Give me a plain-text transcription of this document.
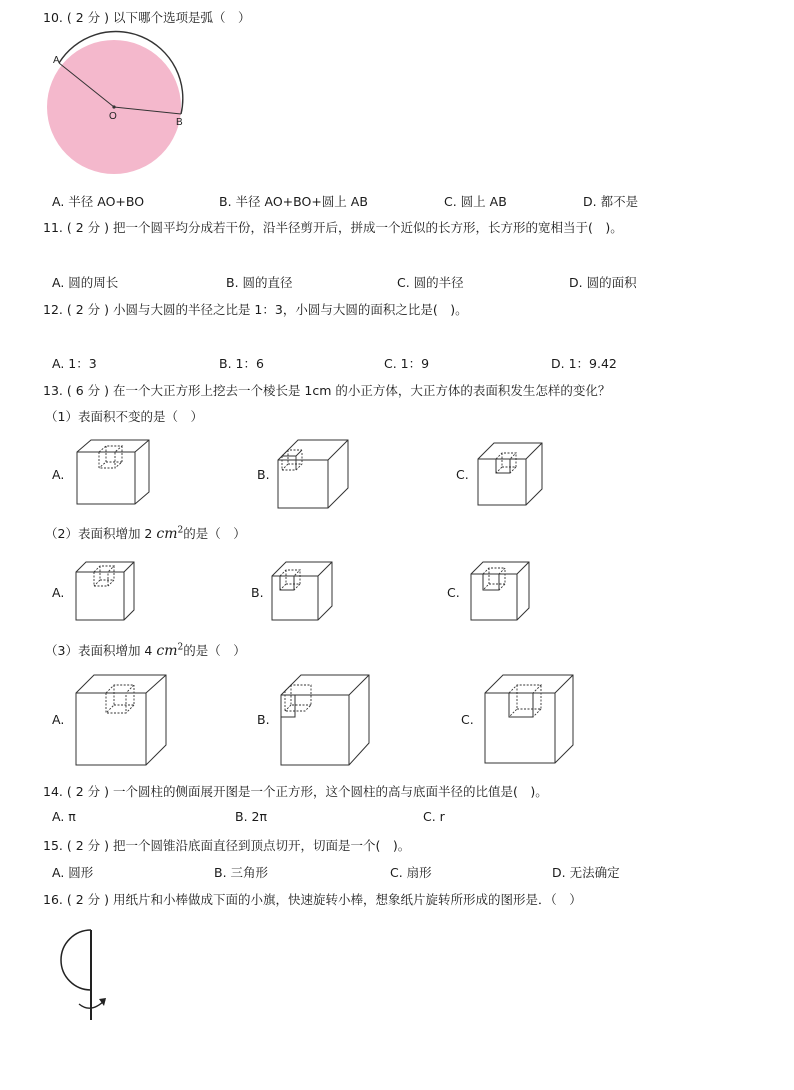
10. ( 2 分 ) 以下哪个选项是弧（　）
A
O
B
A. 半径 AO+BO	B. 半径 AO+BO+圆上 AB	C. 圆上 AB	D. 都不是
11. ( 2 分 ) 把一个圆平均分成若干份，沿半径剪开后，拼成一个近似的长方形，长方形的宽相当于(　)。
A. 圆的周长	B. 圆的直径	C. 圆的半径	D. 圆的面积
12. ( 2 分 ) 小圆与大圆的半径之比是 1：3，小圆与大圆的面积之比是(　)。
A. 1：3	B. 1：6	C. 1：9	D. 1：9.42
13. ( 6 分 ) 在一个大正方形上挖去一个棱长是 1cm 的小正方体，大正方体的表面积发生怎样的变化？
（1）表面积不变的是（　）
A.	B.	C.
（2）表面积增加 2 $cm^2$的是（　）
A.	B.	C.
（3）表面积增加 4 $cm^2$的是（　）
A.	B.	C.
14. ( 2 分 ) 一个圆柱的侧面展开图是一个正方形，这个圆柱的高与底面半径的比值是(　)。
A. π	B. 2π	C. r
15. ( 2 分 ) 把一个圆锥沿底面直径到顶点切开，切面是一个(　)。
A. 圆形	B. 三角形	C. 扇形	D. 无法确定
16. ( 2 分 ) 用纸片和小棒做成下面的小旗，快速旋转小棒，想象纸片旋转所形成的图形是．（　）
